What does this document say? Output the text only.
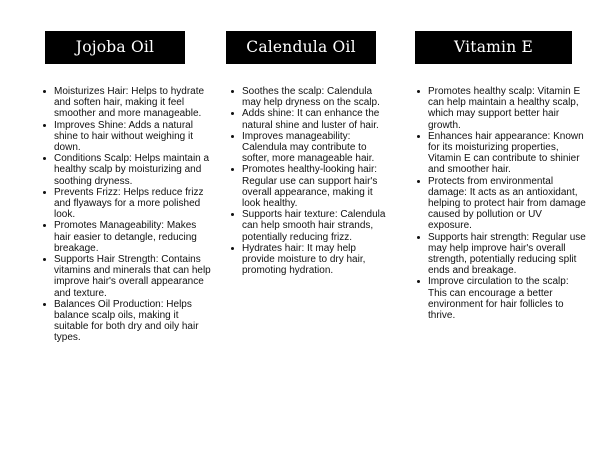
Jojoba Oil
Moisturizes Hair: Helps to hydrate and soften hair, making it feel smoother and more manageable.
Improves Shine: Adds a natural shine to hair without weighing it down.
Conditions Scalp: Helps maintain a healthy scalp by moisturizing and soothing dryness.
Prevents Frizz: Helps reduce frizz and flyaways for a more polished look.
Promotes Manageability: Makes hair easier to detangle, reducing breakage.
Supports Hair Strength: Contains vitamins and minerals that can help improve hair's overall appearance and texture.
Balances Oil Production: Helps balance scalp oils, making it suitable for both dry and oily hair types.
Calendula Oil
Soothes the scalp: Calendula may help dryness on the scalp.
Adds shine: It can enhance the natural shine and luster of hair.
Improves manageability: Calendula may contribute to softer, more manageable hair.
Promotes healthy-looking hair: Regular use can support hair's overall appearance, making it look healthy.
Supports hair texture: Calendula can help smooth hair strands, potentially reducing frizz.
Hydrates hair: It may help provide moisture to dry hair, promoting hydration.
Vitamin E
Promotes healthy scalp: Vitamin E can help maintain a healthy scalp, which may support better hair growth.
Enhances hair appearance: Known for its moisturizing properties, Vitamin E can contribute to shinier and smoother hair.
Protects from environmental damage: It acts as an antioxidant, helping to protect hair from damage caused by pollution or UV exposure.
Supports hair strength: Regular use may help improve hair's overall strength, potentially reducing split ends and breakage.
Improve circulation to the scalp: This can encourage a better environment for hair follicles to thrive.
